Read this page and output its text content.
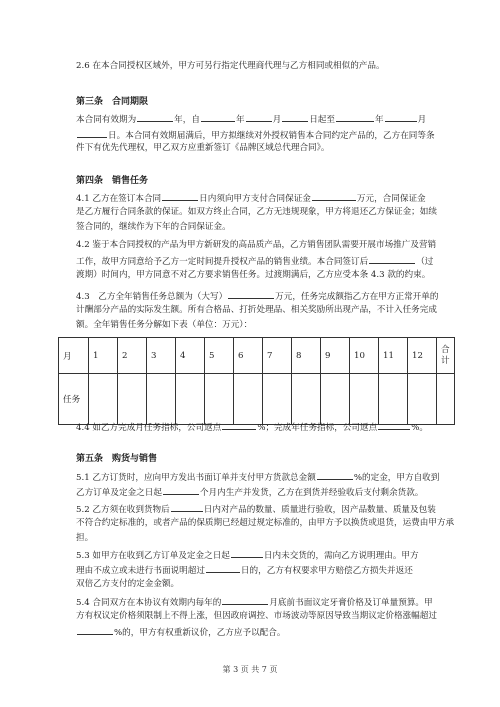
2.6 在本合同授权区域外，甲方可另行指定代理商代理与乙方相同或相似的产品。
第三条　合同期限
本合同有效期为	年，自	年	月	日起至	年	月
日。本合同有效期届满后，甲方拟继续对外授权销售本合同约定产品的，乙方在同等条
件下有优先代理权，甲乙双方应重新签订《品牌区域总代理合同》。
第四条　销售任务
4.1 乙方在签订本合同	日内须向甲方支付合同保证金	万元，合同保证金
是乙方履行合同条款的保证。如双方终止合同，乙方无违规现象，甲方将退还乙方保证金；如续
签合同的，继续作为下年的合同保证金。
4.2 鉴于本合同授权的产品为甲方新研发的高品质产品，乙方销售团队需要开展市场推广及营销
工作，故甲方同意给予乙方一定时间提升授权产品的销售业绩。本合同签订后	（过
渡期）时间内，甲方同意不对乙方要求销售任务。过渡期满后，乙方应受本条 4.3 款的约束。
4.3　乙方全年销售任务总额为（大写）	万元，任务完成额指乙方在甲方正常开单的
计酬部分产品的实际发生额。所有合格品、打折处理品、相关奖励所出现产品，不计入任务完成
额。全年销售任务分解如下表（单位：万元）：
月	1	2	3	4	5	6	7	8	9	10	11	12	合计
任务													
4.4 如乙方完成月任务指标，公司返点	%；完成年任务指标，公司返点	%。
第五条　购货与销售
5.1 乙方订货时，应向甲方发出书面订单并支付甲方货款总金额	%的定金，甲方自收到
乙方订单及定金之日起	个月内生产并发货，乙方在到货并经验收后支付剩余货款。
5.2 乙方须在收到货物后	日内对产品的数量、质量进行验收，因产品数量、质量及包装
不符合约定标准的，或者产品的保质期已经超过规定标准的，由甲方予以换货或退货，运费由甲方承
担。
5.3 如甲方在收到乙方订单及定金之日起	日内未交货的，需向乙方说明理由。甲方
理由不成立或未进行书面说明超过	日的，乙方有权要求甲方赔偿乙方损失并返还
双倍乙方支付的定金金额。
5.4 合同双方在本协议有效期内每年的	月底前书面议定牙膏价格及订单量预算。甲
方有权议定价格须限制上不得上涨，但因政府调控、市场波动等原因导致当期议定价格涨幅超过
%的，甲方有权重新议价，乙方应予以配合。
第 3 页 共 7 页
